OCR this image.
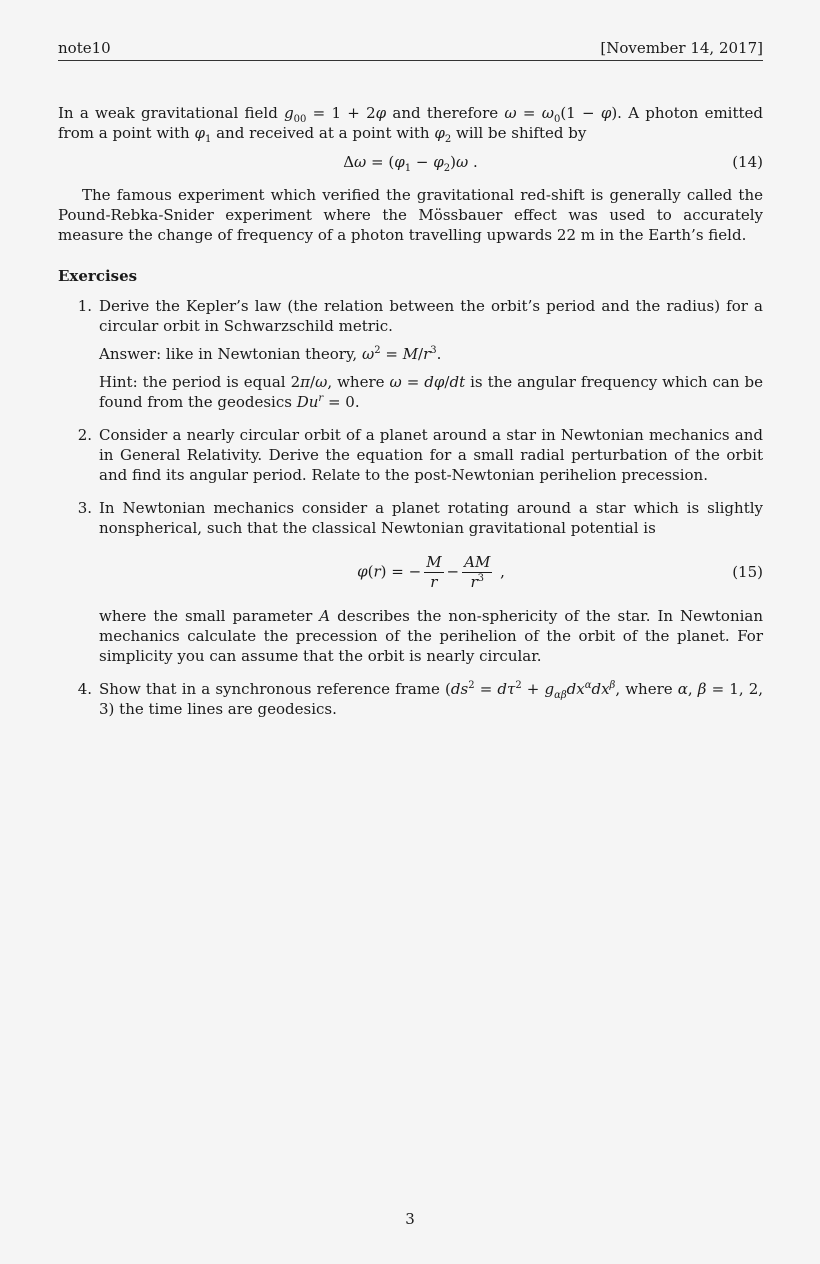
note10	[November 14, 2017]

In a weak gravitational field $g_{00} = 1 + 2\varphi$ and therefore $\omega = \omega_0(1 - \varphi)$. A photon emitted from a point with $\varphi_1$ and received at a point with $\varphi_2$ will be shifted by

$\Delta\omega = (\varphi_1 - \varphi_2)\omega$ .	(14)

The famous experiment which verified the gravitational red-shift is generally called the Pound-Rebka-Snider experiment where the Mössbauer effect was used to accurately measure the change of frequency of a photon travelling upwards 22 m in the Earth’s field.

Exercises
1. Derive the Kepler’s law (the relation between the orbit’s period and the radius) for a circular orbit in Schwarzschild metric.

Answer: like in Newtonian theory, $\omega^2 = M/r^3$.

Hint: the period is equal 2π/ω, where ω = dφ/dt is the angular frequency which can be found from the geodesics $Du^r = 0$.

2. Consider a nearly circular orbit of a planet around a star in Newtonian mechanics and in General Relativity. Derive the equation for a small radial perturbation of the orbit and find its angular period. Relate to the post-Newtonian perihelion precession.

3. In Newtonian mechanics consider a planet rotating around a star which is slightly nonspherical, such that the classical Newtonian gravitational potential is

φ(r) = − $\frac{M}{r} - \frac{AM}{r^3}$ ,	(15)

where the small parameter A describes the non-sphericity of the star. In Newtonian mechanics calculate the precession of the perihelion of the orbit of the planet. For simplicity you can assume that the orbit is nearly circular.

4. Show that in a synchronous reference frame ($ds^2 = d\tau^2 + g_{\alpha\beta}dx^\alpha dx^\beta$, where α, β = 1, 2, 3) the time lines are geodesics.

3
